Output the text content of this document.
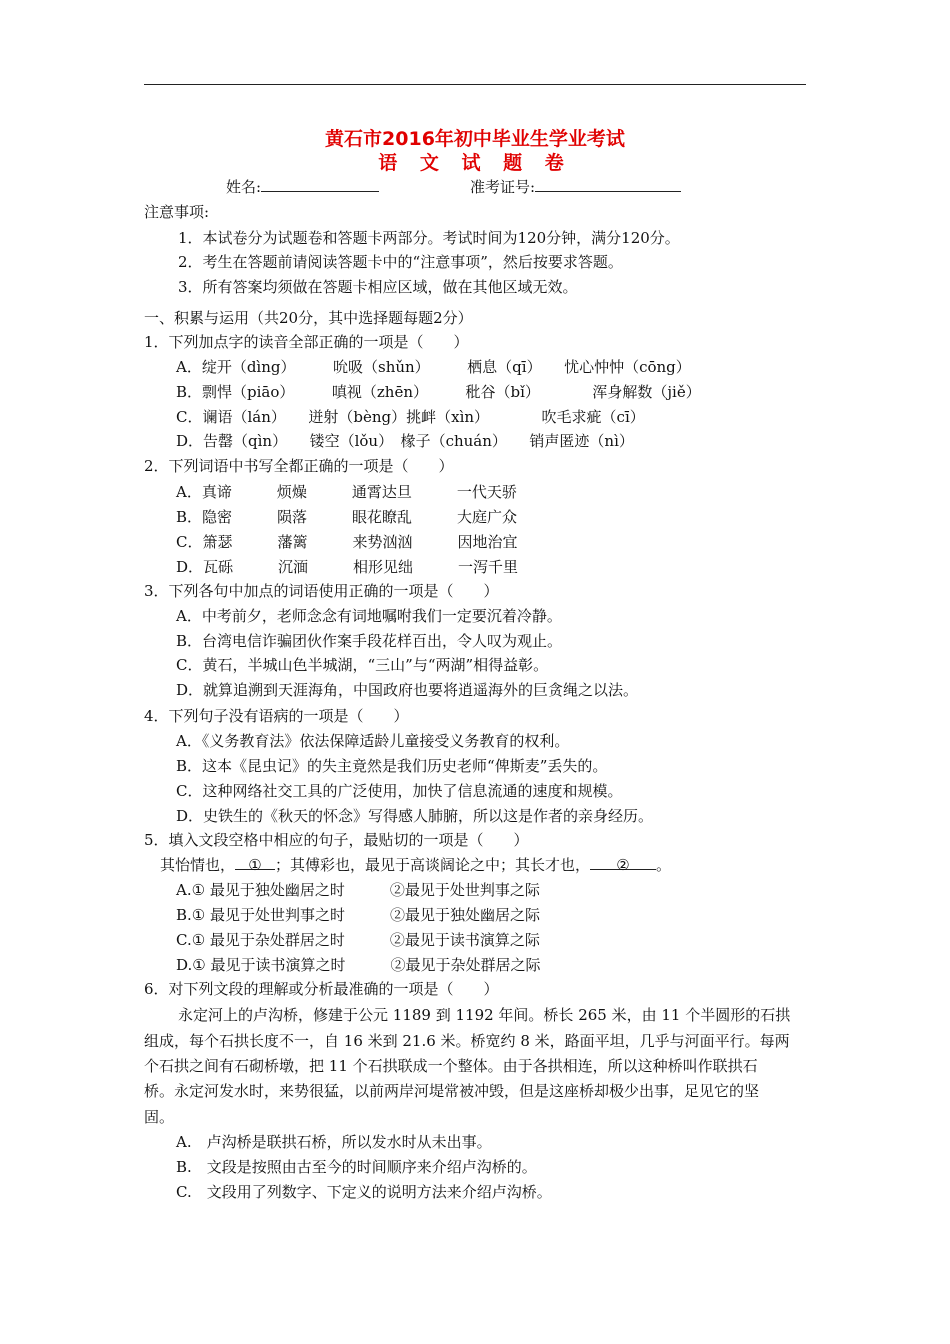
黄石市2016年初中毕业生学业考试
语 文 试 题 卷
姓名:	准考证号:
注意事项:
1．本试卷分为试题卷和答题卡两部分。考试时间为120分钟，满分120分。
2．考生在答题前请阅读答题卡中的“注意事项”，然后按要求答题。
3．所有答案均须做在答题卡相应区域，做在其他区域无效。
一、积累与运用（共20分，其中选择题每题2分）
1．下列加点字的读音全部正确的一项是（　　）
A．绽开（dìng）　　　吮吸（shǔn）　　　栖息（qī）　　忧心忡忡（cōng）
B．剽悍（piāo）　　　嗔视（zhēn）　　　秕谷（bǐ）　　　　浑身解数（jiě）
C．谰语（lán）　　迸射（bèng）挑衅（xìn）　　　　吹毛求疵（cī）
D．告罄（qìn）　　镂空（lǒu）　椽子（chuán）　　销声匿迹（nì）
2．下列词语中书写全都正确的一项是（　　）
A．真谛　　　烦燥　　　通霄达旦　　　一代天骄
B．隐密　　　陨落　　　眼花瞭乱　　　大庭广众
C．箫瑟　　　藩篱　　　来势汹汹　　　因地治宜
D．瓦砾　　　沉湎　　　相形见绌　　　一泻千里
3．下列各句中加点的词语使用正确的一项是（　　）
A．中考前夕，老师念念有词地嘱咐我们一定要沉着冷静。
B．台湾电信诈骗团伙作案手段花样百出，令人叹为观止。
C．黄石，半城山色半城湖，“三山”与“两湖”相得益彰。
D．就算追溯到天涯海角，中国政府也要将逍遥海外的巨贪绳之以法。
4．下列句子没有语病的一项是（　　）
A．《义务教育法》依法保障适龄儿童接受义务教育的权利。
B．这本《昆虫记》的失主竟然是我们历史老师“俾斯麦”丢失的。
C．这种网络社交工具的广泛使用，加快了信息流通的速度和规模。
D．史铁生的《秋天的怀念》写得感人肺腑，所以这是作者的亲身经历。
5．填入文段空格中相应的句子，最贴切的一项是（　　）
其怡情也， ① ；其傅彩也，最见于高谈阔论之中；其长才也， ② 。
A.① 最见于独处幽居之时　　　②最见于处世判事之际
B.① 最见于处世判事之时　　　②最见于独处幽居之际
C.① 最见于杂处群居之时　　　②最见于读书演算之际
D.① 最见于读书演算之时　　　②最见于杂处群居之际
6．对下列文段的理解或分析最准确的一项是（　　）
永定河上的卢沟桥，修建于公元 1189 到 1192 年间。桥长 265 米，由 11 个半圆形的石拱
组成，每个石拱长度不一，自 16 米到 21.6 米。桥宽约 8 米，路面平坦，几乎与河面平行。每两
个石拱之间有石砌桥墩，把 11 个石拱联成一个整体。由于各拱相连，所以这种桥叫作联拱石
桥。永定河发水时，来势很猛，以前两岸河堤常被冲毁，但是这座桥却极少出事，足见它的坚
固。
A.　卢沟桥是联拱石桥，所以发水时从未出事。
B.　文段是按照由古至今的时间顺序来介绍卢沟桥的。
C.　文段用了列数字、下定义的说明方法来介绍卢沟桥。
